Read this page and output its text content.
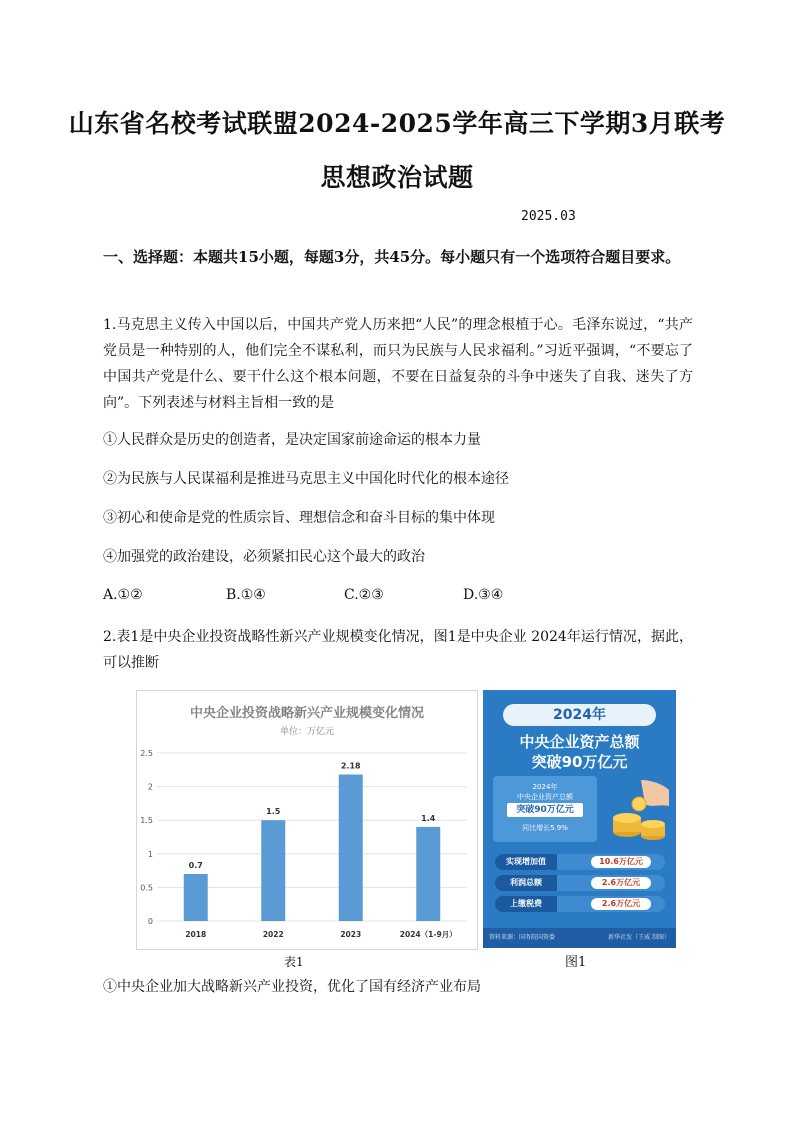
山东省名校考试联盟2024-2025学年高三下学期3月联考
思想政治试题
2025.03
一、选择题：本题共15小题，每题3分，共45分。每小题只有一个选项符合题目要求。
1.马克思主义传入中国以后，中国共产党人历来把“人民”的理念根植于心。毛泽东说过，“共产党员是一种特别的人，他们完全不谋私利，而只为民族与人民求福利。”习近平强调，“不要忘了中国共产党是什么、要干什么这个根本问题，不要在日益复杂的斗争中迷失了自我、迷失了方向”。下列表述与材料主旨相一致的是
①人民群众是历史的创造者，是决定国家前途命运的根本力量
②为民族与人民谋福利是推进马克思主义中国化时代化的根本途径
③初心和使命是党的性质宗旨、理想信念和奋斗目标的集中体现
④加强党的政治建设，必须紧扣民心这个最大的政治
A.①②	B.①④	C.②③	D.③④
2.表1是中央企业投资战略性新兴产业规模变化情况，图1是中央企业 2024年运行情况，据此，可以推断
中央企业投资战略新兴产业规模变化情况
单位：万亿元
0
0.5
1
1.5
2
2.5
0.7
2018
1.5
2022
2.18
2023
1.4
2024（1-9月）
2024年
中央企业资产总额
突破90万亿元
2024年
中央企业资产总额
突破90万亿元
同比增长5.9%
实现增加值	10.6万亿元
利润总额	2.6万亿元
上缴税费	2.6万亿元
资料来源：国务院国资委	新华社发（王威 制图）
表1	图1
①中央企业加大战略新兴产业投资，优化了国有经济产业布局
